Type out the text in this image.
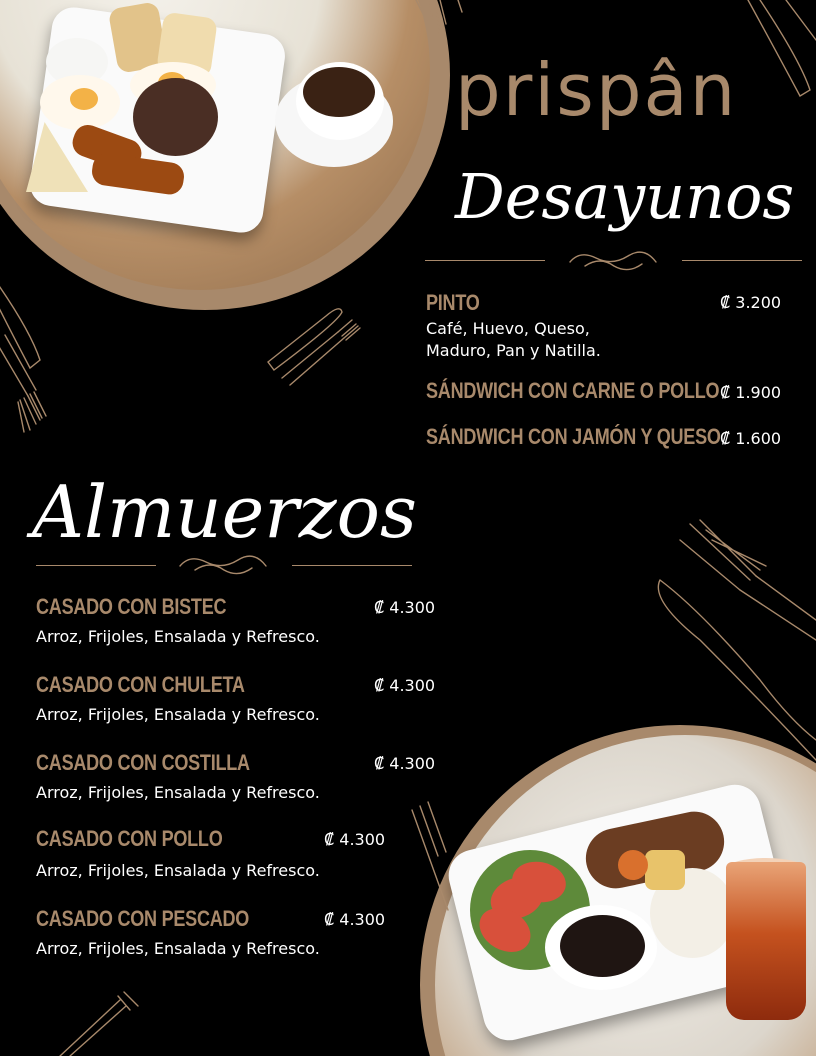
prispân
Desayunos
PINTO	₡ 3.200
Café, Huevo, Queso,
Maduro, Pan y Natilla.
SÁNDWICH CON CARNE O POLLO ₡ 1.900
SÁNDWICH CON JAMÓN Y QUESO ₡ 1.600
Almuerzos
CASADO CON BISTEC	₡ 4.300
Arroz, Frijoles, Ensalada y Refresco.
CASADO CON CHULETA	₡ 4.300
Arroz, Frijoles, Ensalada y Refresco.
CASADO CON COSTILLA	₡ 4.300
Arroz, Frijoles, Ensalada y Refresco.
CASADO CON POLLO	₡ 4.300
Arroz, Frijoles, Ensalada y Refresco.
CASADO CON PESCADO	₡ 4.300
Arroz, Frijoles, Ensalada y Refresco.
